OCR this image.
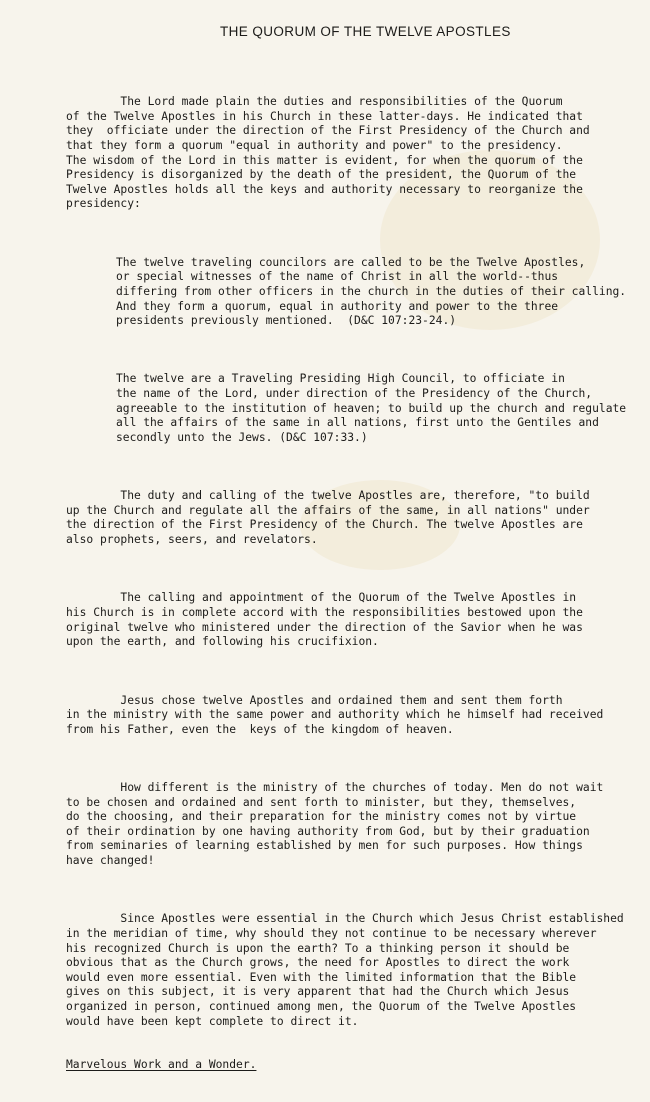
THE QUORUM OF THE TWELVE APOSTLES

The Lord made plain the duties and responsibilities of the Quorum
of the Twelve Apostles in his Church in these latter-days. He indicated that
they  officiate under the direction of the First Presidency of the Church and
that they form a quorum "equal in authority and power" to the presidency.
The wisdom of the Lord in this matter is evident, for when the quorum of the
Presidency is disorganized by the death of the president, the Quorum of the
Twelve Apostles holds all the keys and authority necessary to reorganize the
presidency:

The twelve traveling councilors are called to be the Twelve Apostles,
or special witnesses of the name of Christ in all the world--thus
differing from other officers in the church in the duties of their calling.
And they form a quorum, equal in authority and power to the three
presidents previously mentioned.  (D&C 107:23-24.)

The twelve are a Traveling Presiding High Council, to officiate in
the name of the Lord, under direction of the Presidency of the Church,
agreeable to the institution of heaven; to build up the church and regulate
all the affairs of the same in all nations, first unto the Gentiles and
secondly unto the Jews. (D&C 107:33.)

The duty and calling of the twelve Apostles are, therefore, "to build
up the Church and regulate all the affairs of the same, in all nations" under
the direction of the First Presidency of the Church. The twelve Apostles are
also prophets, seers, and revelators.

The calling and appointment of the Quorum of the Twelve Apostles in
his Church is in complete accord with the responsibilities bestowed upon the
original twelve who ministered under the direction of the Savior when he was
upon the earth, and following his crucifixion.

Jesus chose twelve Apostles and ordained them and sent them forth
in the ministry with the same power and authority which he himself had received
from his Father, even the  keys of the kingdom of heaven.

How different is the ministry of the churches of today. Men do not wait
to be chosen and ordained and sent forth to minister, but they, themselves,
do the choosing, and their preparation for the ministry comes not by virtue
of their ordination by one having authority from God, but by their graduation
from seminaries of learning established by men for such purposes. How things
have changed!

Since Apostles were essential in the Church which Jesus Christ established
in the meridian of time, why should they not continue to be necessary wherever
his recognized Church is upon the earth? To a thinking person it should be
obvious that as the Church grows, the need for Apostles to direct the work
would even more essential. Even with the limited information that the Bible
gives on this subject, it is very apparent that had the Church which Jesus
organized in person, continued among men, the Quorum of the Twelve Apostles
would have been kept complete to direct it.

Marvelous Work and a Wonder.
